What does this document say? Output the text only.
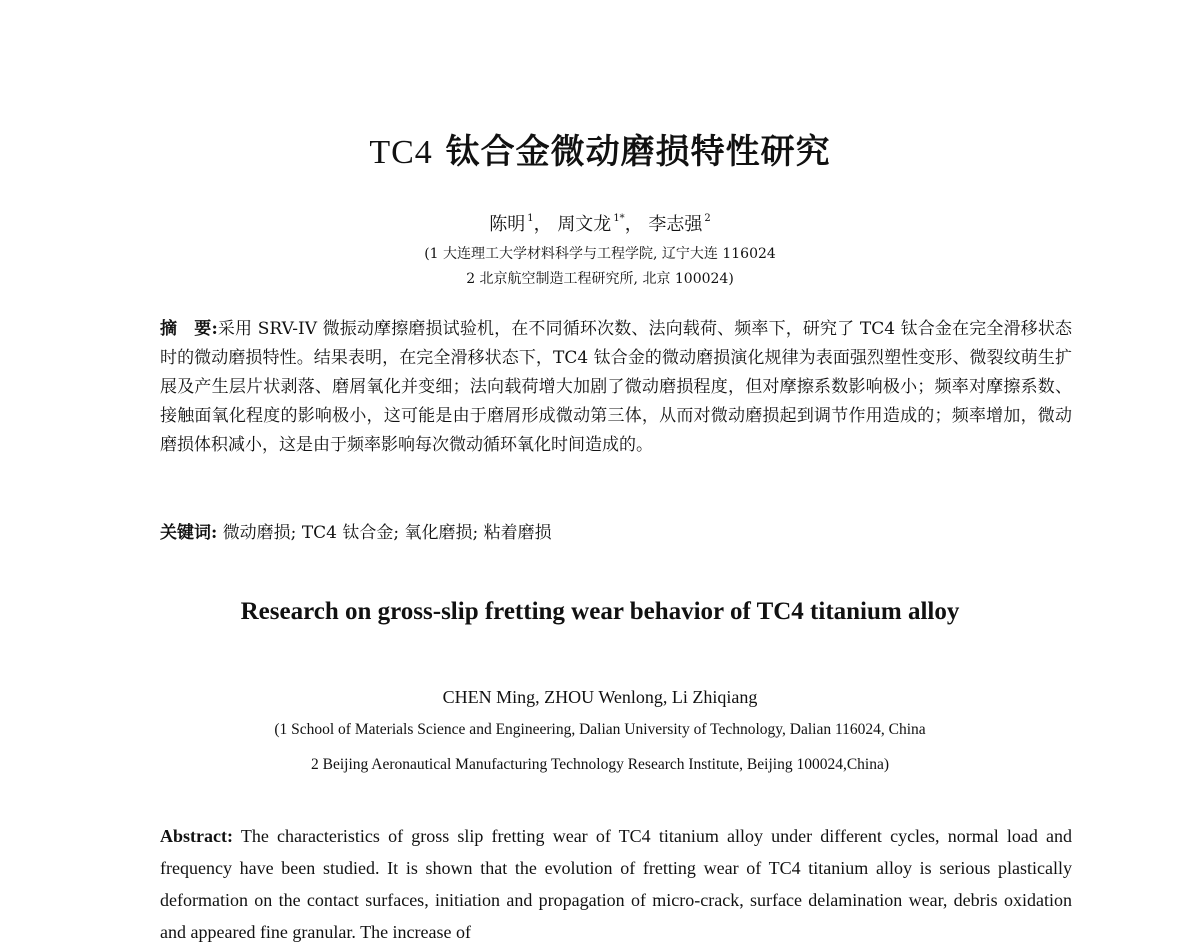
TC4 钛合金微动磨损特性研究
陈明 $^1$， 周文龙 $^{1*}$， 李志强 $^2$
(1 大连理工大学材料科学与工程学院, 辽宁大连 116024
2 北京航空制造工程研究所, 北京 100024)
摘　要:采用 SRV-IV 微振动摩擦磨损试验机，在不同循环次数、法向载荷、频率下，研究了 TC4 钛合金在完全滑移状态时的微动磨损特性。结果表明，在完全滑移状态下，TC4 钛合金的微动磨损演化规律为表面强烈塑性变形、微裂纹萌生扩展及产生层片状剥落、磨屑氧化并变细；法向载荷增大加剧了微动磨损程度，但对摩擦系数影响极小；频率对摩擦系数、接触面氧化程度的影响极小，这可能是由于磨屑形成微动第三体，从而对微动磨损起到调节作用造成的；频率增加，微动磨损体积减小，这是由于频率影响每次微动循环氧化时间造成的。
关键词: 微动磨损; TC4 钛合金; 氧化磨损; 粘着磨损
Research on gross-slip fretting wear behavior of TC4 titanium alloy
CHEN Ming, ZHOU Wenlong, Li Zhiqiang
(1 School of Materials Science and Engineering, Dalian University of Technology, Dalian 116024, China
2 Beijing Aeronautical Manufacturing Technology Research Institute, Beijing 100024,China)
Abstract: The characteristics of gross slip fretting wear of TC4 titanium alloy under different cycles, normal load and frequency have been studied. It is shown that the evolution of fretting wear of TC4 titanium alloy is serious plastically deformation on the contact surfaces, initiation and propagation of micro-crack, surface delamination wear, debris oxidation and appeared fine granular. The increase of
